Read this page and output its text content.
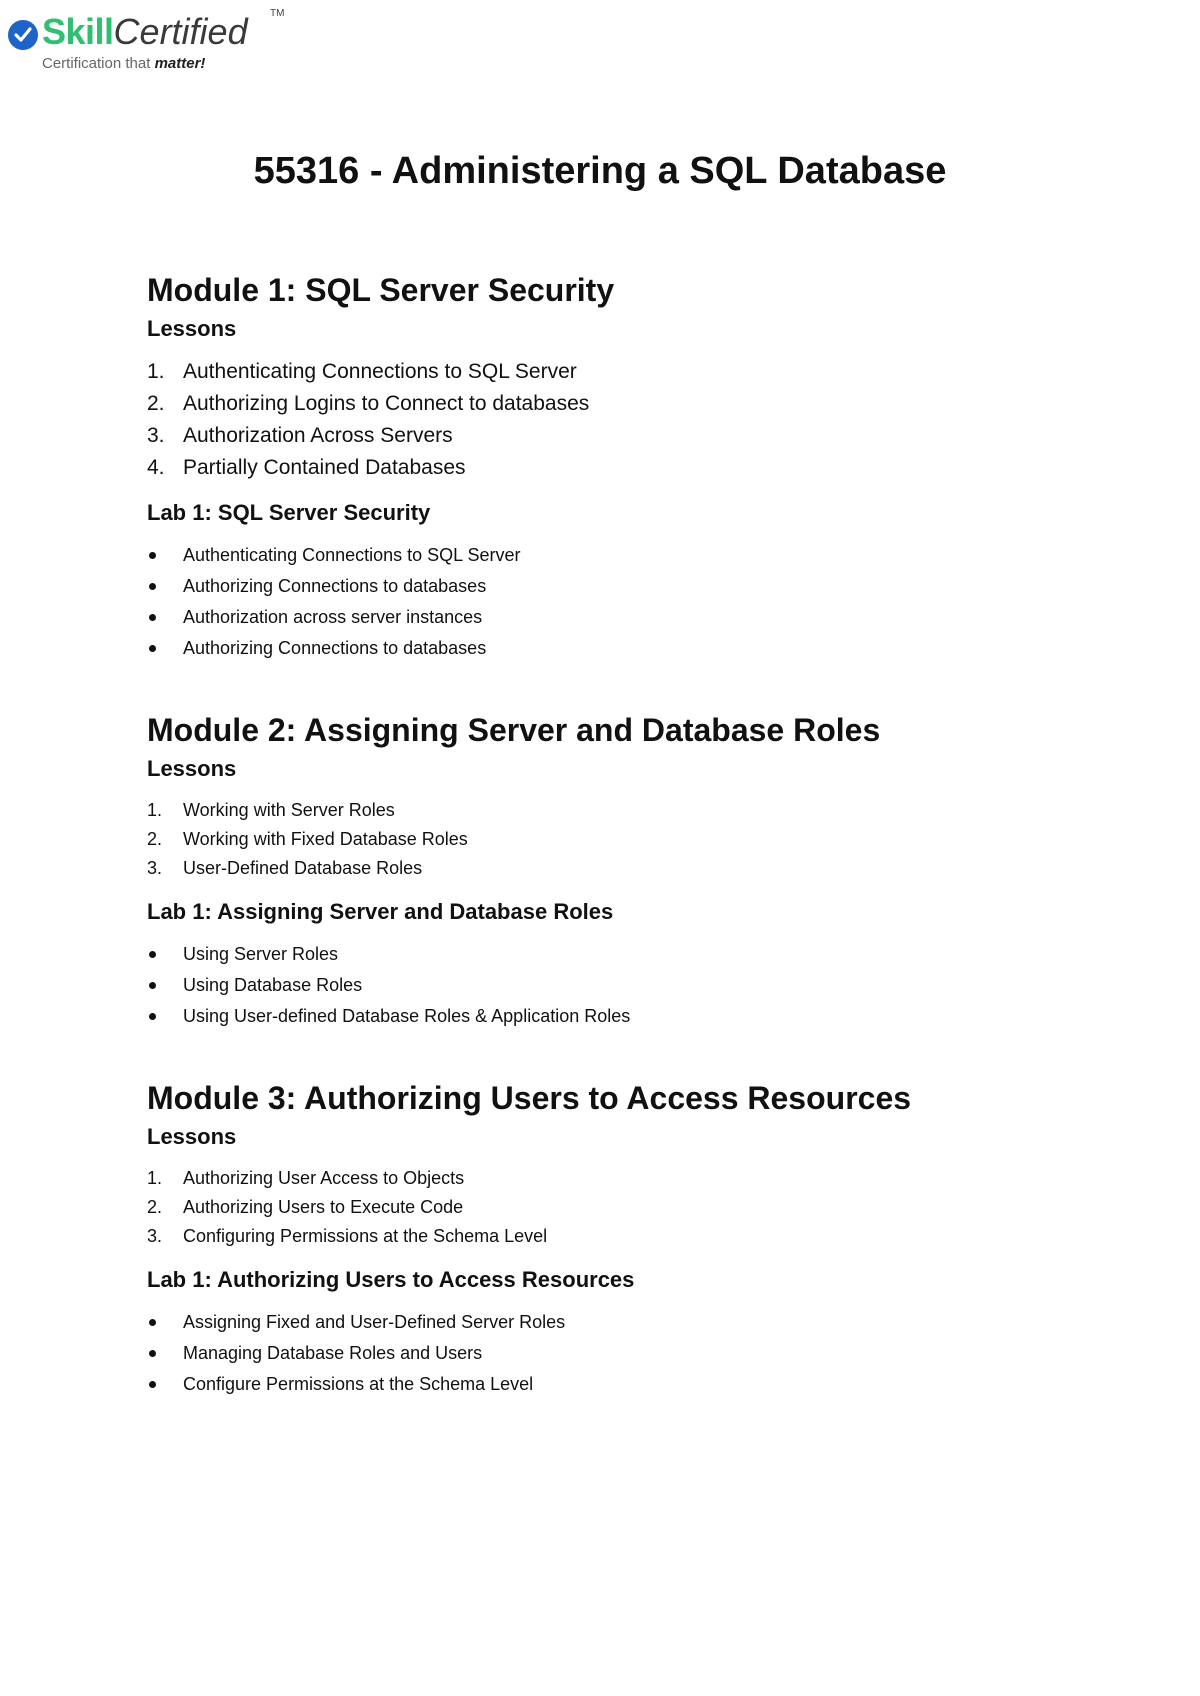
SkillCertified TM
Certification that matter!
55316 - Administering a SQL Database
Module 1: SQL Server Security
Lessons
1. Authenticating Connections to SQL Server
2. Authorizing Logins to Connect to databases
3. Authorization Across Servers
4. Partially Contained Databases
Lab 1: SQL Server Security
Authenticating Connections to SQL Server
Authorizing Connections to databases
Authorization across server instances
Authorizing Connections to databases
Module 2: Assigning Server and Database Roles
Lessons
1. Working with Server Roles
2. Working with Fixed Database Roles
3. User-Defined Database Roles
Lab 1: Assigning Server and Database Roles
Using Server Roles
Using Database Roles
Using User-defined Database Roles & Application Roles
Module 3: Authorizing Users to Access Resources
Lessons
1. Authorizing User Access to Objects
2. Authorizing Users to Execute Code
3. Configuring Permissions at the Schema Level
Lab 1: Authorizing Users to Access Resources
Assigning Fixed and User-Defined Server Roles
Managing Database Roles and Users
Configure Permissions at the Schema Level
